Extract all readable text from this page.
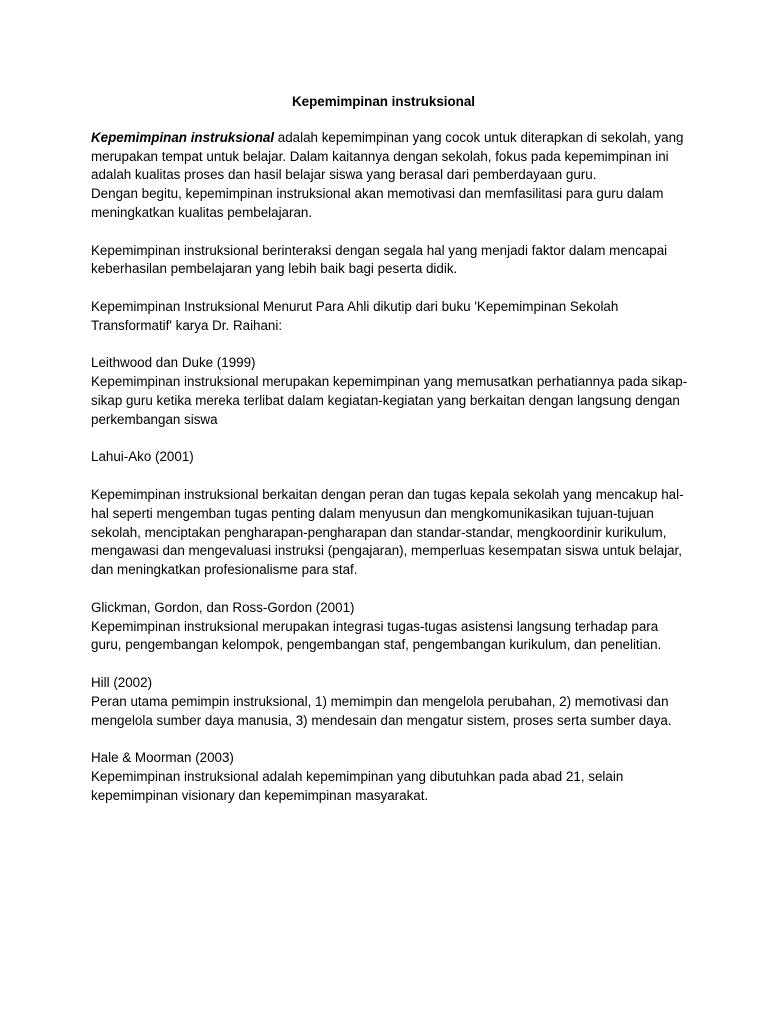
Kepemimpinan instruksional
Kepemimpinan instruksional adalah kepemimpinan yang cocok untuk diterapkan di sekolah, yang merupakan tempat untuk belajar. Dalam kaitannya dengan sekolah, fokus pada kepemimpinan ini adalah kualitas proses dan hasil belajar siswa yang berasal dari pemberdayaan guru.
Dengan begitu, kepemimpinan instruksional akan memotivasi dan memfasilitasi para guru dalam meningkatkan kualitas pembelajaran.
Kepemimpinan instruksional berinteraksi dengan segala hal yang menjadi faktor dalam mencapai keberhasilan pembelajaran yang lebih baik bagi peserta didik.
Kepemimpinan Instruksional Menurut Para Ahli dikutip dari buku 'Kepemimpinan Sekolah Transformatif' karya Dr. Raihani:
Leithwood dan Duke (1999)
Kepemimpinan instruksional merupakan kepemimpinan yang memusatkan perhatiannya pada sikap-sikap guru ketika mereka terlibat dalam kegiatan-kegiatan yang berkaitan dengan langsung dengan perkembangan siswa
Lahui-Ako (2001)
Kepemimpinan instruksional berkaitan dengan peran dan tugas kepala sekolah yang mencakup hal-hal seperti mengemban tugas penting dalam menyusun dan mengkomunikasikan tujuan-tujuan sekolah, menciptakan pengharapan-pengharapan dan standar-standar, mengkoordinir kurikulum, mengawasi dan mengevaluasi instruksi (pengajaran), memperluas kesempatan siswa untuk belajar, dan meningkatkan profesionalisme para staf.
Glickman, Gordon, dan Ross-Gordon (2001)
Kepemimpinan instruksional merupakan integrasi tugas-tugas asistensi langsung terhadap para guru, pengembangan kelompok, pengembangan staf, pengembangan kurikulum, dan penelitian.
Hill (2002)
Peran utama pemimpin instruksional, 1) memimpin dan mengelola perubahan, 2) memotivasi dan mengelola sumber daya manusia, 3) mendesain dan mengatur sistem, proses serta sumber daya.
Hale & Moorman (2003)
Kepemimpinan instruksional adalah kepemimpinan yang dibutuhkan pada abad 21, selain kepemimpinan visionary dan kepemimpinan masyarakat.
